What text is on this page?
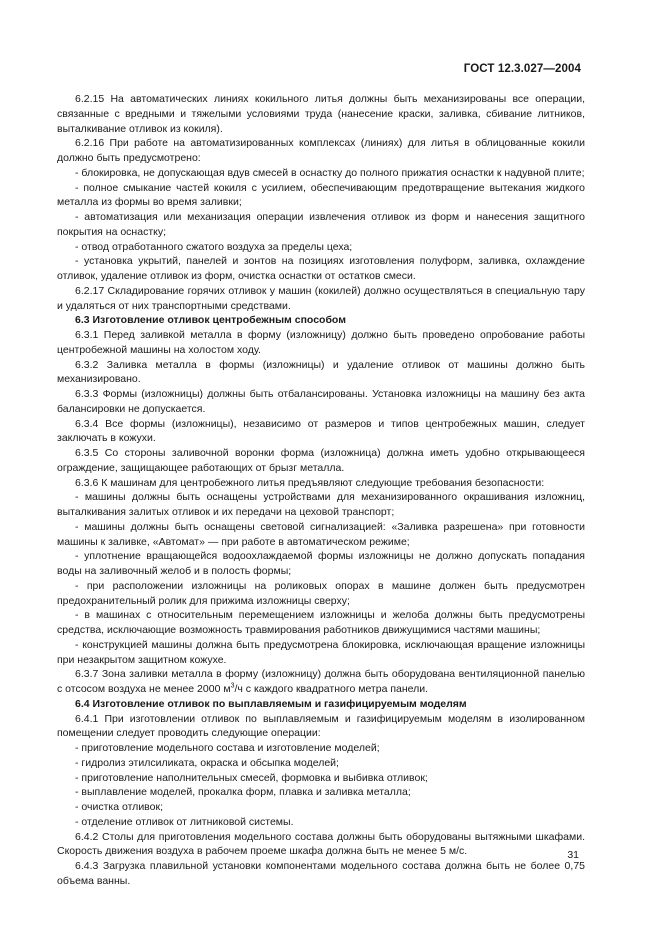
ГОСТ 12.3.027—2004

6.2.15 На автоматических линиях кокильного литья должны быть механизированы все операции, связанные с вредными и тяжелыми условиями труда (нанесение краски, заливка, сбивание литников, выталкивание отливок из кокиля).

6.2.16 При работе на автоматизированных комплексах (линиях) для литья в облицованные кокили должно быть предусмотрено:

- блокировка, не допускающая вдув смесей в оснастку до полного прижатия оснастки к надувной плите;

- полное смыкание частей кокиля с усилием, обеспечивающим предотвращение вытекания жидкого металла из формы во время заливки;

- автоматизация или механизация операции извлечения отливок из форм и нанесения защитного покрытия на оснастку;

- отвод отработанного сжатого воздуха за пределы цеха;

- установка укрытий, панелей и зонтов на позициях изготовления полуформ, заливка, охлаждение отливок, удаление отливок из форм, очистка оснастки от остатков смеси.

6.2.17 Складирование горячих отливок у машин (кокилей) должно осуществляться в специальную тару и удаляться от них транспортными средствами.

6.3 Изготовление отливок центробежным способом

6.3.1 Перед заливкой металла в форму (изложницу) должно быть проведено опробование работы центробежной машины на холостом ходу.

6.3.2 Заливка металла в формы (изложницы) и удаление отливок от машины должно быть механизировано.

6.3.3 Формы (изложницы) должны быть отбалансированы. Установка изложницы на машину без акта балансировки не допускается.

6.3.4 Все формы (изложницы), независимо от размеров и типов центробежных машин, следует заключать в кожухи.

6.3.5 Со стороны заливочной воронки форма (изложница) должна иметь удобно открывающееся ограждение, защищающее работающих от брызг металла.

6.3.6 К машинам для центробежного литья предъявляют следующие требования безопасности:

- машины должны быть оснащены устройствами для механизированного окрашивания изложниц, выталкивания залитых отливок и их передачи на цеховой транспорт;

- машины должны быть оснащены световой сигнализацией: «Заливка разрешена» при готовности машины к заливке, «Автомат» — при работе в автоматическом режиме;

- уплотнение вращающейся водоохлаждаемой формы изложницы не должно допускать попадания воды на заливочный желоб и в полость формы;

- при расположении изложницы на роликовых опорах в машине должен быть предусмотрен предохранительный ролик для прижима изложницы сверху;

- в машинах с относительным перемещением изложницы и желоба должны быть предусмотрены средства, исключающие возможность травмирования работников движущимися частями машины;

- конструкцией машины должна быть предусмотрена блокировка, исключающая вращение изложницы при незакрытом защитном кожухе.

6.3.7 Зона заливки металла в форму (изложницу) должна быть оборудована вентиляционной панелью с отсосом воздуха не менее 2000 $м^3/ч$ с каждого квадратного метра панели.

6.4 Изготовление отливок по выплавляемым и газифицируемым моделям

6.4.1 При изготовлении отливок по выплавляемым и газифицируемым моделям в изолированном помещении следует проводить следующие операции:

- приготовление модельного состава и изготовление моделей;

- гидролиз этилсиликата, окраска и обсыпка моделей;

- приготовление наполнительных смесей, формовка и выбивка отливок;

- выплавление моделей, прокалка форм, плавка и заливка металла;

- очистка отливок;

- отделение отливок от литниковой системы.

6.4.2 Столы для приготовления модельного состава должны быть оборудованы вытяжными шкафами. Скорость движения воздуха в рабочем проеме шкафа должна быть не менее 5 м/с.

6.4.3 Загрузка плавильной установки компонентами модельного состава должна быть не более 0,75 объема ванны.

31
